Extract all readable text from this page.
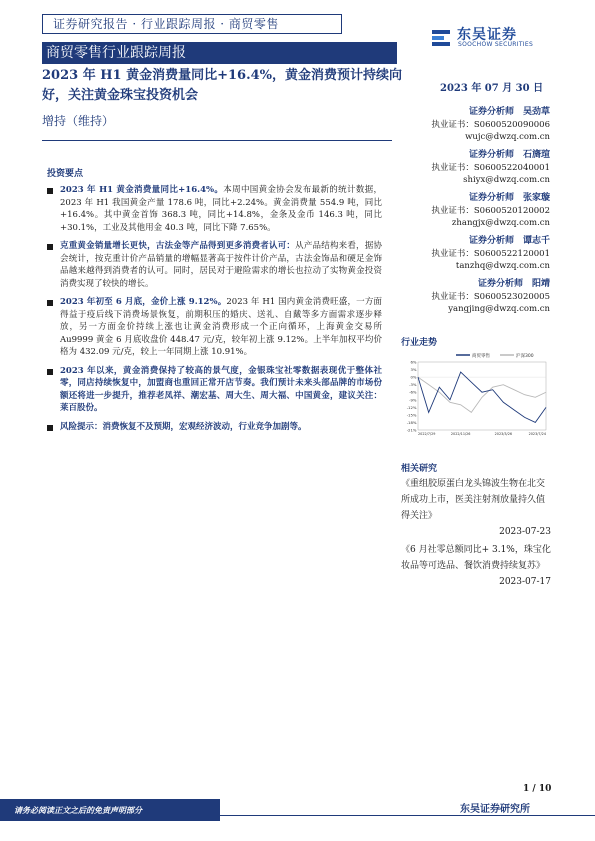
证券研究报告 · 行业跟踪周报 · 商贸零售
东吴证券
SOOCHOW SECURITIES
商贸零售行业跟踪周报
2023 年 H1 黄金消费量同比+16.4%，黄金消费预计持续向好，关注黄金珠宝投资机会
增持（维持）
2023 年 07 月 30 日
证券分析师　吴劲草
执业证书：S0600520090006
wujc@dwzq.com.cn
证券分析师　石旖瑄
执业证书：S0600522040001
shiyx@dwzq.com.cn
证券分析师　张家璇
执业证书：S0600520120002
zhangjx@dwzq.com.cn
证券分析师　谭志千
执业证书：S0600522120001
tanzhq@dwzq.com.cn
证券分析师　阳靖
执业证书：S0600523020005
yangjing@dwzq.com.cn
投资要点
2023 年 H1 黄金消费量同比+16.4%。本周中国黄金协会发布最新的统计数据，2023 年 H1 我国黄金产量 178.6 吨，同比+2.24%。黄金消费量 554.9 吨，同比+16.4%。其中黄金首饰 368.3 吨，同比+14.8%，金条及金币 146.3 吨，同比+30.1%，工业及其他用金 40.3 吨，同比下降 7.65%。
克重黄金销量增长更快，古法金等产品得到更多消费者认可：从产品结构来看，据协会统计，按克重计价产品销量的增幅显著高于按件计价产品，古法金饰品和硬足金饰品越来越得到消费者的认可。同时，居民对于避险需求的增长也拉动了实物黄金投资消费实现了较快的增长。
2023 年初至 6 月底，金价上涨 9.12%。2023 年 H1 国内黄金消费旺盛，一方面得益于疫后线下消费场景恢复，前期积压的婚庆、送礼、自戴等多方面需求逐步释放，另一方面金价持续上涨也让黄金消费形成一个正向循环，上海黄金交易所 Au9999 黄金 6 月底收盘价 448.47 元/克，较年初上涨 9.12%。上半年加权平均价格为 432.09 元/克，较上一年同期上涨 10.91%。
2023 年以来，黄金消费保持了较高的景气度，金银珠宝社零数据表现优于整体社零，同店持续恢复中，加盟商也重回正常开店节奏。我们预计未来头部品牌的市场份额还将进一步提升，推荐老凤祥、潮宏基、周大生、周大福、中国黄金，建议关注：莱百股份。
风险提示：消费恢复不及预期，宏观经济波动，行业竞争加剧等。
行业走势
商贸零售	沪深300
6%
3%
0%
-3%
-6%
-9%
-12%
-15%
-18%
-21%
2022/7/29	2022/11/26	2023/3/26	2023/7/24
相关研究
《重组胶原蛋白龙头锦波生物在北交所成功上市，医美注射剂放量持久值得关注》
2023-07-23
《6 月社零总额同比+ 3.1%，珠宝化妆品等可选品、餐饮消费持续复苏》
2023-07-17
1 / 10
请务必阅读正文之后的免责声明部分	东吴证券研究所
